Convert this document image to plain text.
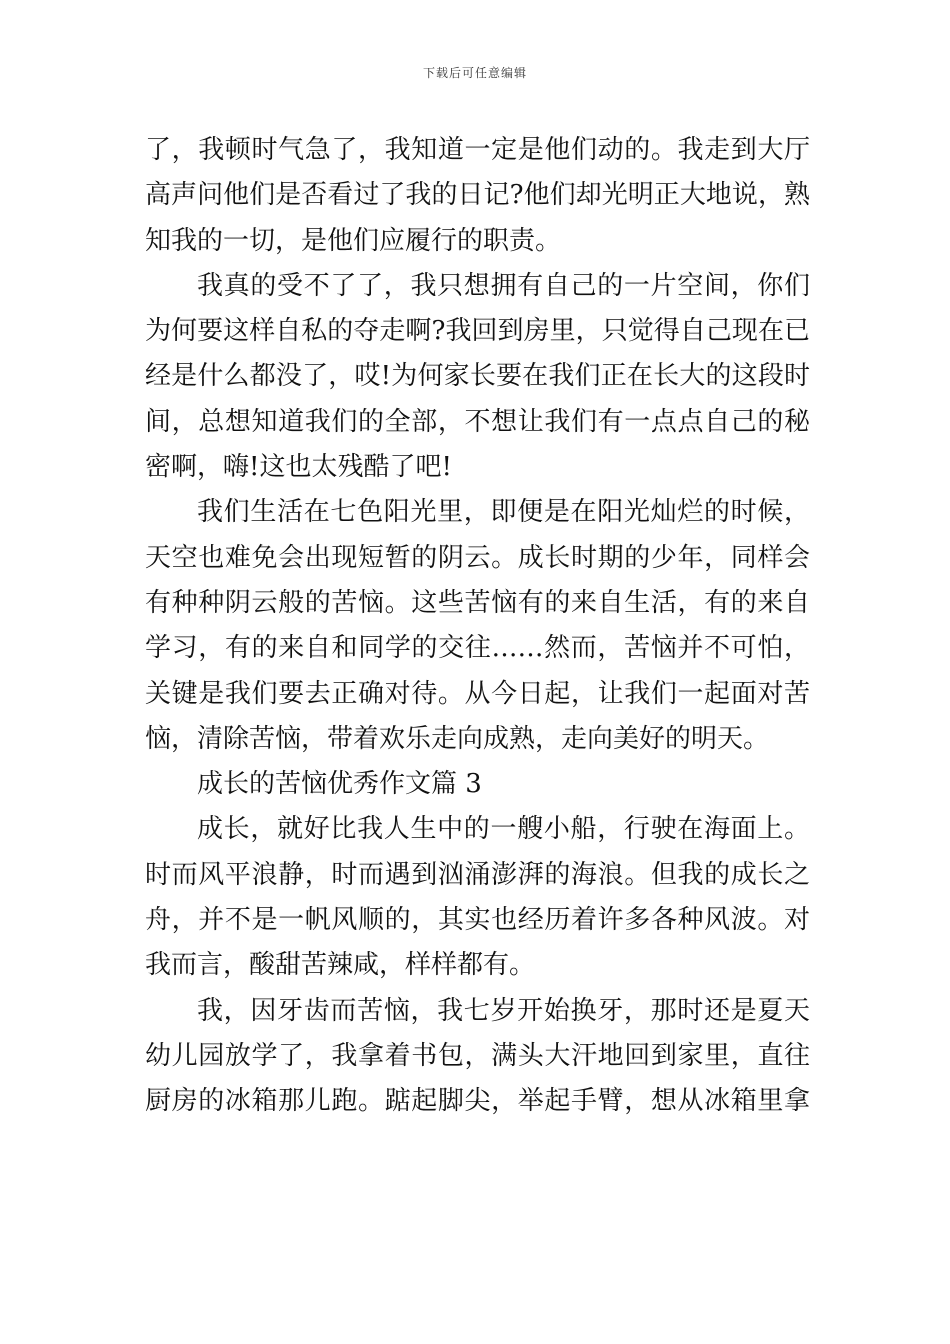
下载后可任意编辑
了，我顿时气急了，我知道一定是他们动的。我走到大厅
高声问他们是否看过了我的日记?他们却光明正大地说，熟
知我的一切，是他们应履行的职责。
我真的受不了了，我只想拥有自己的一片空间，你们
为何要这样自私的夺走啊?我回到房里，只觉得自己现在已
经是什么都没了，哎!为何家长要在我们正在长大的这段时
间，总想知道我们的全部，不想让我们有一点点自己的秘
密啊，嗨!这也太残酷了吧!
我们生活在七色阳光里，即便是在阳光灿烂的时候，
天空也难免会出现短暂的阴云。成长时期的少年，同样会
有种种阴云般的苦恼。这些苦恼有的来自生活，有的来自
学习，有的来自和同学的交往……然而，苦恼并不可怕，
关键是我们要去正确对待。从今日起，让我们一起面对苦
恼，清除苦恼，带着欢乐走向成熟，走向美好的明天。
成长的苦恼优秀作文篇 3
成长，就好比我人生中的一艘小船，行驶在海面上。
时而风平浪静，时而遇到汹涌澎湃的海浪。但我的成长之
舟，并不是一帆风顺的，其实也经历着许多各种风波。对
我而言，酸甜苦辣咸，样样都有。
我，因牙齿而苦恼，我七岁开始换牙，那时还是夏天
幼儿园放学了，我拿着书包，满头大汗地回到家里，直往
厨房的冰箱那儿跑。踮起脚尖，举起手臂，想从冰箱里拿
